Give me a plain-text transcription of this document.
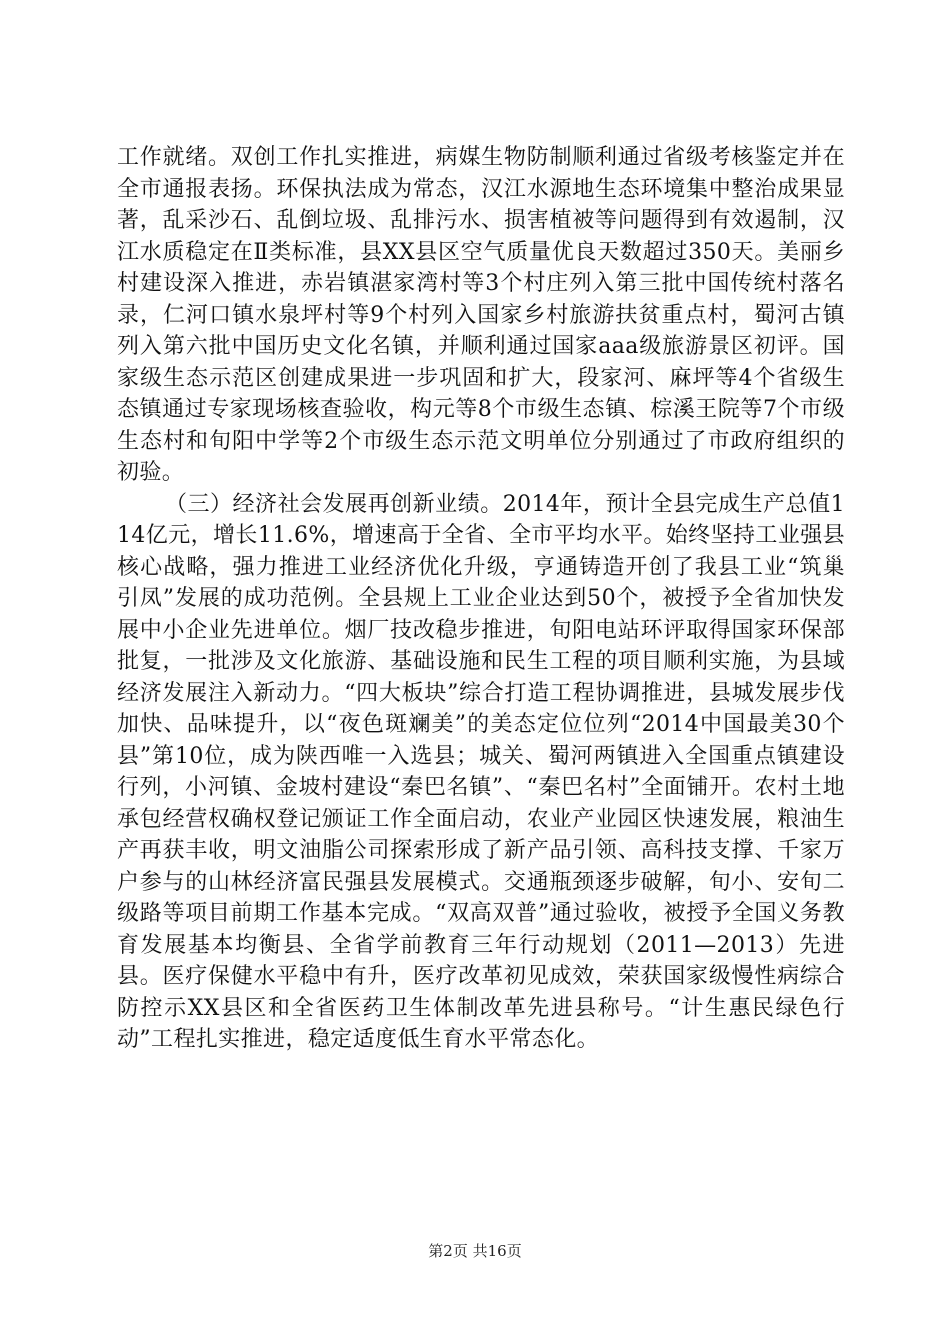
工作就绪。双创工作扎实推进，病媒生物防制顺利通过省级考核鉴定并在全市通报表扬。环保执法成为常态，汉江水源地生态环境集中整治成果显著，乱采沙石、乱倒垃圾、乱排污水、损害植被等问题得到有效遏制，汉江水质稳定在Ⅱ类标准，县XX县区空气质量优良天数超过350天。美丽乡村建设深入推进，赤岩镇湛家湾村等3个村庄列入第三批中国传统村落名录，仁河口镇水泉坪村等9个村列入国家乡村旅游扶贫重点村，蜀河古镇列入第六批中国历史文化名镇，并顺利通过国家aaa级旅游景区初评。国家级生态示范区创建成果进一步巩固和扩大，段家河、麻坪等4个省级生态镇通过专家现场核查验收，构元等8个市级生态镇、棕溪王院等7个市级生态村和旬阳中学等2个市级生态示范文明单位分别通过了市政府组织的初验。

（三）经济社会发展再创新业绩。2014年，预计全县完成生产总值114亿元，增长11.6%，增速高于全省、全市平均水平。始终坚持工业强县核心战略，强力推进工业经济优化升级，亨通铸造开创了我县工业“筑巢引凤”发展的成功范例。全县规上工业企业达到50个，被授予全省加快发展中小企业先进单位。烟厂技改稳步推进，旬阳电站环评取得国家环保部批复，一批涉及文化旅游、基础设施和民生工程的项目顺利实施，为县域经济发展注入新动力。“四大板块”综合打造工程协调推进，县城发展步伐加快、品味提升，以“夜色斑斓美”的美态定位位列“2014中国最美30个县”第10位，成为陕西唯一入选县；城关、蜀河两镇进入全国重点镇建设行列，小河镇、金坡村建设“秦巴名镇”、“秦巴名村”全面铺开。农村土地承包经营权确权登记颁证工作全面启动，农业产业园区快速发展，粮油生产再获丰收，明文油脂公司探索形成了新产品引领、高科技支撑、千家万户参与的山林经济富民强县发展模式。交通瓶颈逐步破解，旬小、安旬二级路等项目前期工作基本完成。“双高双普”通过验收，被授予全国义务教育发展基本均衡县、全省学前教育三年行动规划（2011—2013）先进县。医疗保健水平稳中有升，医疗改革初见成效，荣获国家级慢性病综合防控示XX县区和全省医药卫生体制改革先进县称号。“计生惠民绿色行动”工程扎实推进，稳定适度低生育水平常态化。

第2页 共16页
